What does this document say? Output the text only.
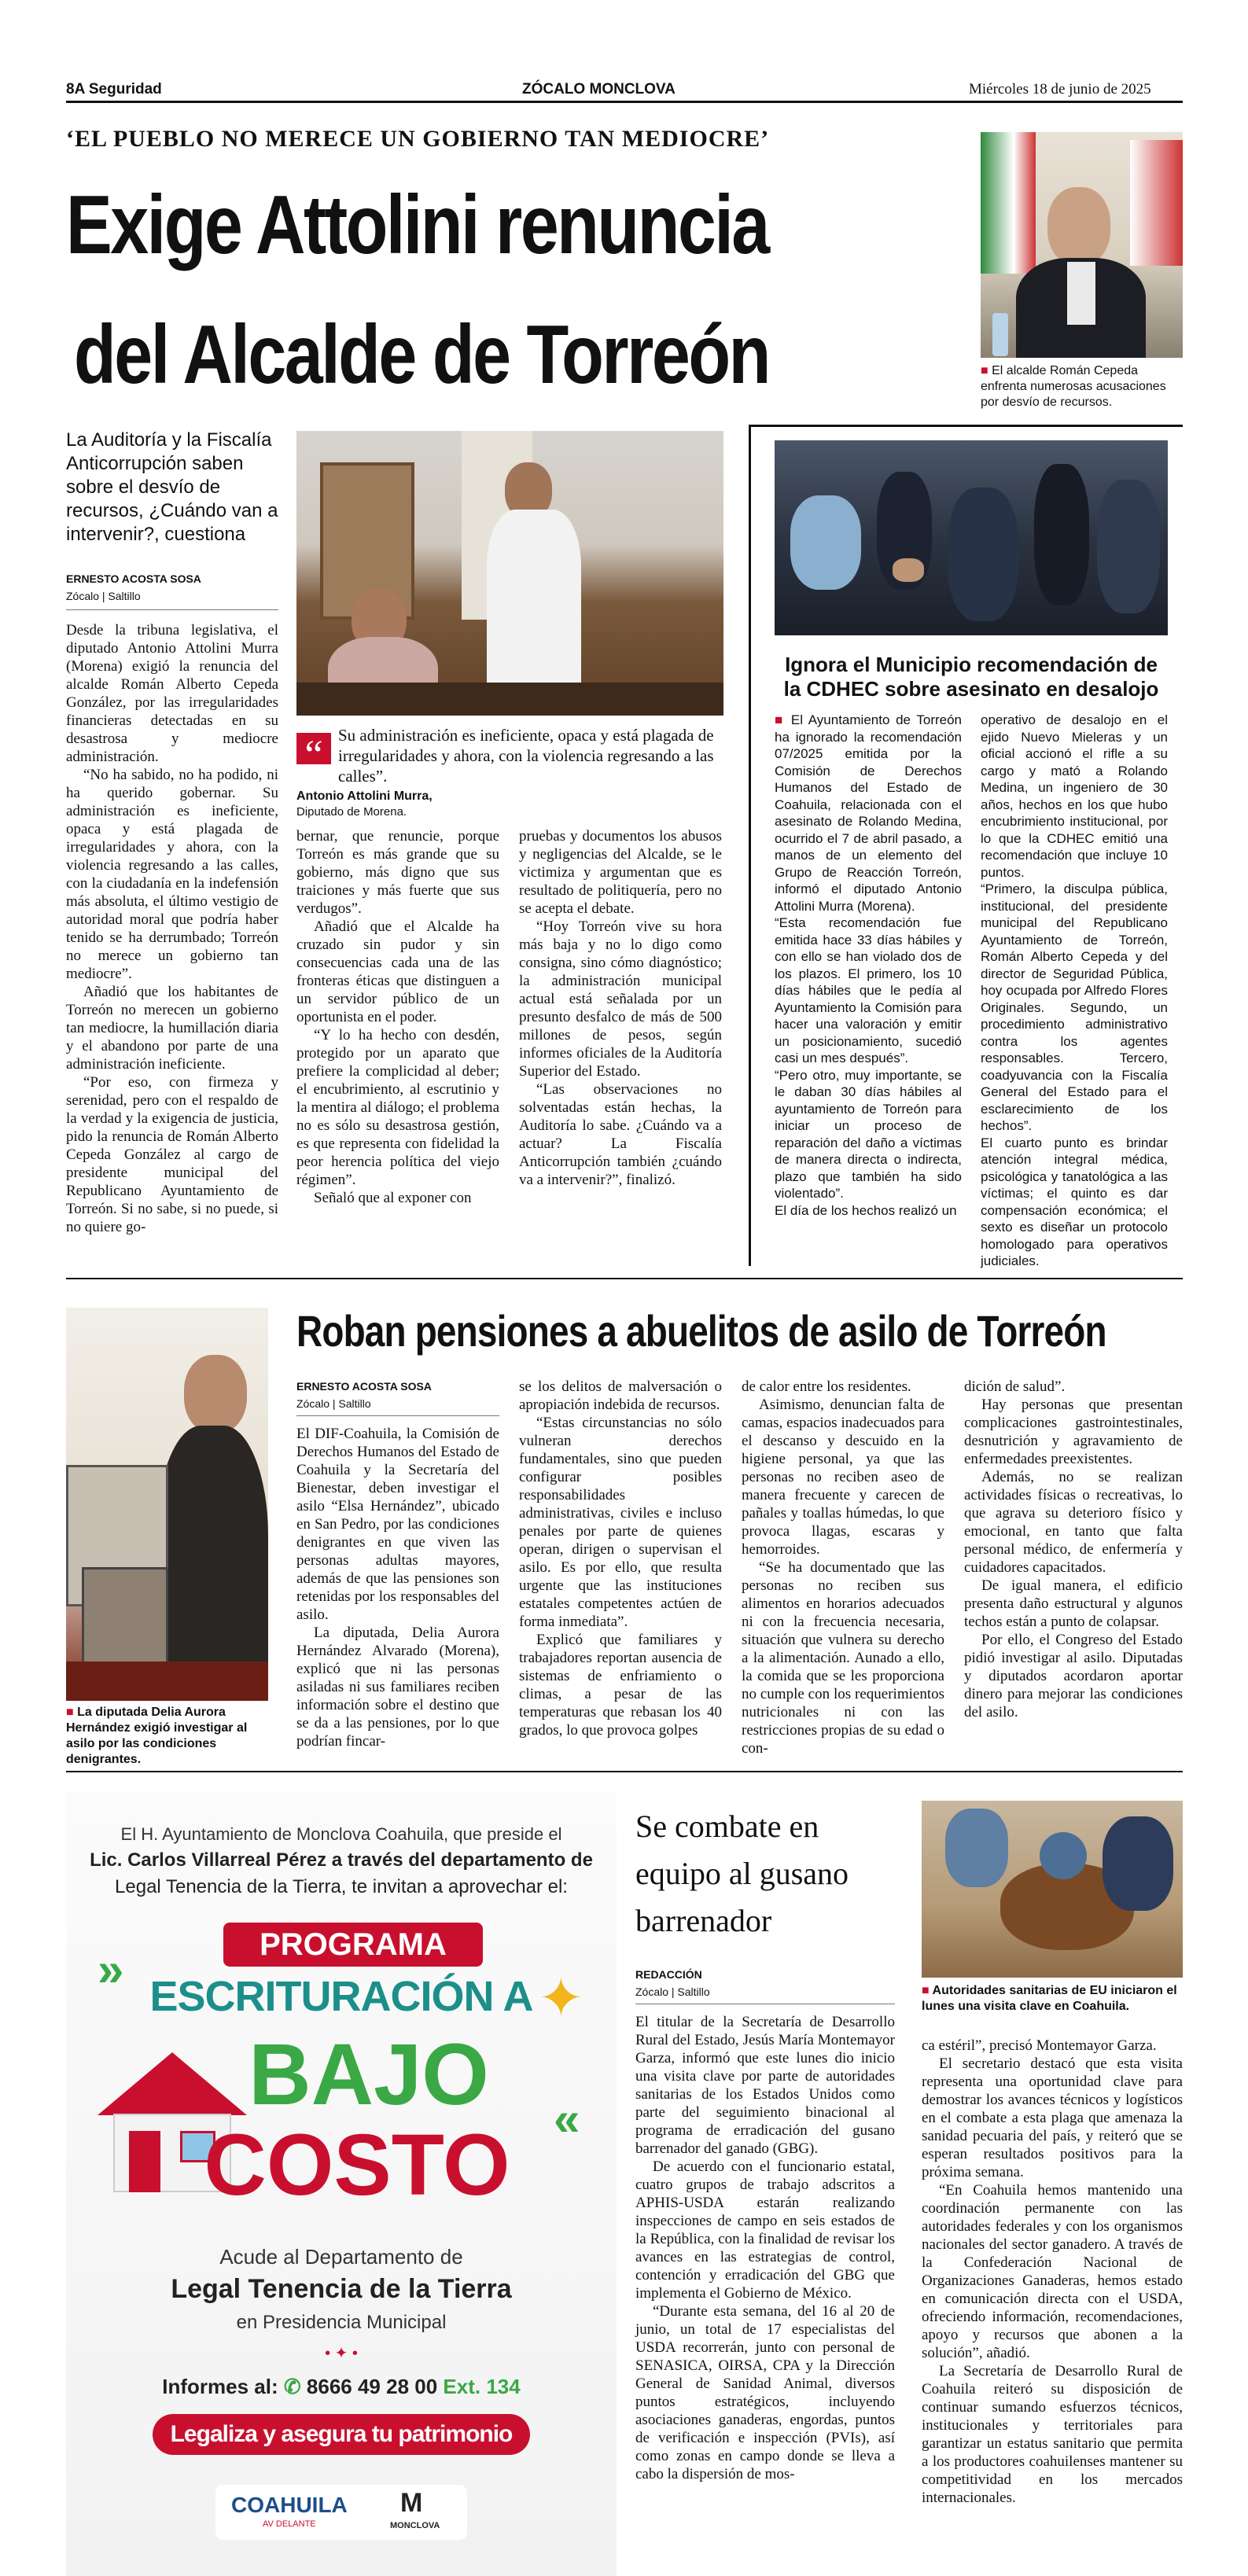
8A Seguridad	ZÓCALO MONCLOVA	Miércoles 18 de junio de 2025
‘EL PUEBLO NO MERECE UN GOBIERNO TAN MEDIOCRE’
Exige Attolini renuncia
del Alcalde de Torreón	■ El alcalde Román Cepeda enfrenta numerosas acusaciones por desvío de recursos.
La Auditoría y la Fiscalía Anticorrupción saben sobre el desvío de recursos, ¿Cuándo van a intervenir?, cuestiona
ERNESTO ACOSTA SOSA
Zócalo | Saltillo
“ Su administración es ineficiente, opaca y está plagada de irregularidades y ahora, con la violencia regresando a las calles”.
Antonio Attolini Murra,
Diputado de Morena.

Desde la tribuna legislativa, el diputado Antonio Attolini Murra (Morena) exigió la renuncia del alcalde Román Alberto Cepeda González, por las irregularidades financieras detectadas en su desastrosa y mediocre administración.

“No ha sabido, no ha podido, ni ha querido gobernar. Su administración es ineficiente, opaca y está plagada de irregularidades y ahora, con la violencia regresando a las calles, con la ciudadanía en la indefensión más absoluta, el último vestigio de autoridad moral que podría haber tenido se ha derrumbado; Torreón no merece un gobierno tan mediocre”.

Añadió que los habitantes de Torreón no merecen un gobierno tan mediocre, la humillación diaria y el abandono por parte de una administración ineficiente.

“Por eso, con firmeza y serenidad, pero con el respaldo de la verdad y la exigencia de justicia, pido la renuncia de Román Alberto Cepeda González al cargo de presidente municipal del Republicano Ayuntamiento de Torreón. Si no sabe, si no puede, si no quiere go-

bernar, que renuncie, porque Torreón es más grande que su gobierno, más digno que sus traiciones y más fuerte que sus verdugos”.

Añadió que el Alcalde ha cruzado sin pudor y sin consecuencias cada una de las fronteras éticas que distinguen a un servidor público de un oportunista en el poder.

“Y lo ha hecho con desdén, protegido por un aparato que prefiere la complicidad al deber; el encubrimiento, al escrutinio y la mentira al diálogo; el problema no es sólo su desastrosa gestión, es que representa con fidelidad la peor herencia política del viejo régimen”.

Señaló que al exponer con

pruebas y documentos los abusos y negligencias del Alcalde, se le victimiza y argumentan que es resultado de politiquería, pero no se acepta el debate.

“Hoy Torreón vive su hora más baja y no lo digo como consigna, sino cómo diagnóstico; la administración municipal actual está señalada por un presunto desfalco de más de 500 millones de pesos, según informes oficiales de la Auditoría Superior del Estado.

“Las observaciones no solventadas están hechas, la Auditoría lo sabe. ¿Cuándo va a actuar? La Fiscalía Anticorrupción también ¿cuándo va a intervenir?”, finalizó.

Ignora el Municipio recomendación de la CDHEC sobre asesinato en desalojo

■ El Ayuntamiento de Torreón ha ignorado la recomendación 07/2025 emitida por la Comisión de Derechos Humanos del Estado de Coahuila, relacionada con el asesinato de Rolando Medina, ocurrido el 7 de abril pasado, a manos de un elemento del Grupo de Reacción Torreón, informó el diputado Antonio Attolini Murra (Morena).

“Esta recomendación fue emitida hace 33 días hábiles y con ello se han violado dos de los plazos. El primero, los 10 días hábiles que le pedía al Ayuntamiento la Comisión para hacer una valoración y emitir un posicionamiento, sucedió casi un mes después”.

“Pero otro, muy importante, se le daban 30 días hábiles al ayuntamiento de Torreón para iniciar un proceso de reparación del daño a víctimas de manera directa o indirecta, plazo que también ha sido violentado”.

El día de los hechos realizó un

operativo de desalojo en el ejido Nuevo Mieleras y un oficial accionó el rifle a su cargo y mató a Rolando Medina, un ingeniero de 30 años, hechos en los que hubo encubrimiento institucional, por lo que la CDHEC emitió una recomendación que incluye 10 puntos.

“Primero, la disculpa pública, institucional, del presidente municipal del Republicano Ayuntamiento de Torreón, Román Alberto Cepeda y del director de Seguridad Pública, hoy ocupada por Alfredo Flores Originales. Segundo, un procedimiento administrativo contra los agentes responsables. Tercero, coadyuvancia con la Fiscalía General del Estado para el esclarecimiento de los hechos”.

El cuarto punto es brindar atención integral médica, psicológica y tanatológica a las víctimas; el quinto es dar compensación económica; el sexto es diseñar un protocolo homologado para operativos judiciales.

■ La diputada Delia Aurora Hernández exigió investigar al asilo por las condiciones denigrantes.
Roban pensiones a abuelitos de asilo de Torreón
ERNESTO ACOSTA SOSA
Zócalo | Saltillo

El DIF-Coahuila, la Comisión de Derechos Humanos del Estado de Coahuila y la Secretaría del Bienestar, deben investigar el asilo “Elsa Hernández”, ubicado en San Pedro, por las condiciones denigrantes en que viven las personas adultas mayores, además de que las pensiones son retenidas por los responsables del asilo.

La diputada, Delia Aurora Hernández Alvarado (Morena), explicó que ni las personas asiladas ni sus familiares reciben información sobre el destino que se da a las pensiones, por lo que podrían fincar-

se los delitos de malversación o apropiación indebida de recursos.

“Estas circunstancias no sólo vulneran derechos fundamentales, sino que pueden configurar posibles responsabilidades administrativas, civiles e incluso penales por parte de quienes operan, dirigen o supervisan el asilo. Es por ello, que resulta urgente que las instituciones estatales competentes actúen de forma inmediata”.

Explicó que familiares y trabajadores reportan ausencia de sistemas de enfriamiento o climas, a pesar de las temperaturas que rebasan los 40 grados, lo que provoca golpes

de calor entre los residentes.

Asimismo, denuncian falta de camas, espacios inadecuados para el descanso y descuido en la higiene personal, ya que las personas no reciben aseo de manera frecuente y carecen de pañales y toallas húmedas, lo que provoca llagas, escaras y hemorroides.

“Se ha documentado que las personas no reciben sus alimentos en horarios adecuados ni con la frecuencia necesaria, situación que vulnera su derecho a la alimentación. Aunado a ello, la comida que se les proporciona no cumple con los requerimientos nutricionales ni con las restricciones propias de su edad o con-

dición de salud”.

Hay personas que presentan complicaciones gastrointestinales, desnutrición y agravamiento de enfermedades preexistentes.

Además, no se realizan actividades físicas o recreativas, lo que agrava su deterioro físico y emocional, en tanto que falta personal médico, de enfermería y cuidadores capacitados.

De igual manera, el edificio presenta daño estructural y algunos techos están a punto de colapsar.

Por ello, el Congreso del Estado pidió investigar al asilo. Diputadas y diputados acordaron aportar dinero para mejorar las condiciones del asilo.

El H. Ayuntamiento de Monclova Coahuila, que preside el
Lic. Carlos Villarreal Pérez a través del departamento de
Legal Tenencia de la Tierra, te invitan a aprovechar el:
»
«
✦
PROGRAMA
ESCRITURACIÓN A
BAJO
COSTO
Acude al Departamento de
Legal Tenencia de la Tierra
en Presidencia Municipal
• ✦ •
Informes al: ✆ 8666 49 28 00 Ext. 134
Legaliza y asegura tu patrimonio
COAHUILA
AV DELANTE
M
MONCLOVA
Se combate en
equipo al gusano
barrenador
REDACCIÓN
Zócalo | Saltillo	■ Autoridades sanitarias de EU iniciaron el lunes una visita clave en Coahuila.

El titular de la Secretaría de Desarrollo Rural del Estado, Jesús María Montemayor Garza, informó que este lunes dio inicio una visita clave por parte de autoridades sanitarias de los Estados Unidos como parte del seguimiento binacional al programa de erradicación del gusano barrenador del ganado (GBG).

De acuerdo con el funcionario estatal, cuatro grupos de trabajo adscritos a APHIS-USDA estarán realizando inspecciones de campo en seis estados de la República, con la finalidad de revisar los avances en las estrategias de control, contención y erradicación del GBG que implementa el Gobierno de México.

“Durante esta semana, del 16 al 20 de junio, un total de 17 especialistas del USDA recorrerán, junto con personal de SENASICA, OIRSA, CPA y la Dirección General de Sanidad Animal, diversos puntos estratégicos, incluyendo asociaciones ganaderas, engordas, puntos de verificación e inspección (PVIs), así como zonas en campo donde se lleva a cabo la dispersión de mos-

ca estéril”, precisó Montemayor Garza.

El secretario destacó que esta visita representa una oportunidad clave para demostrar los avances técnicos y logísticos en el combate a esta plaga que amenaza la sanidad pecuaria del país, y reiteró que se esperan resultados positivos para la próxima semana.

“En Coahuila hemos mantenido una coordinación permanente con las autoridades federales y con los organismos nacionales del sector ganadero. A través de la Confederación Nacional de Organizaciones Ganaderas, hemos estado en comunicación directa con el USDA, ofreciendo información, recomendaciones, apoyo y recursos que abonen a la solución”, añadió.

La Secretaría de Desarrollo Rural de Coahuila reiteró su disposición de continuar sumando esfuerzos técnicos, institucionales y territoriales para garantizar un estatus sanitario que permita a los productores coahuilenses mantener su competitividad en los mercados internacionales.
